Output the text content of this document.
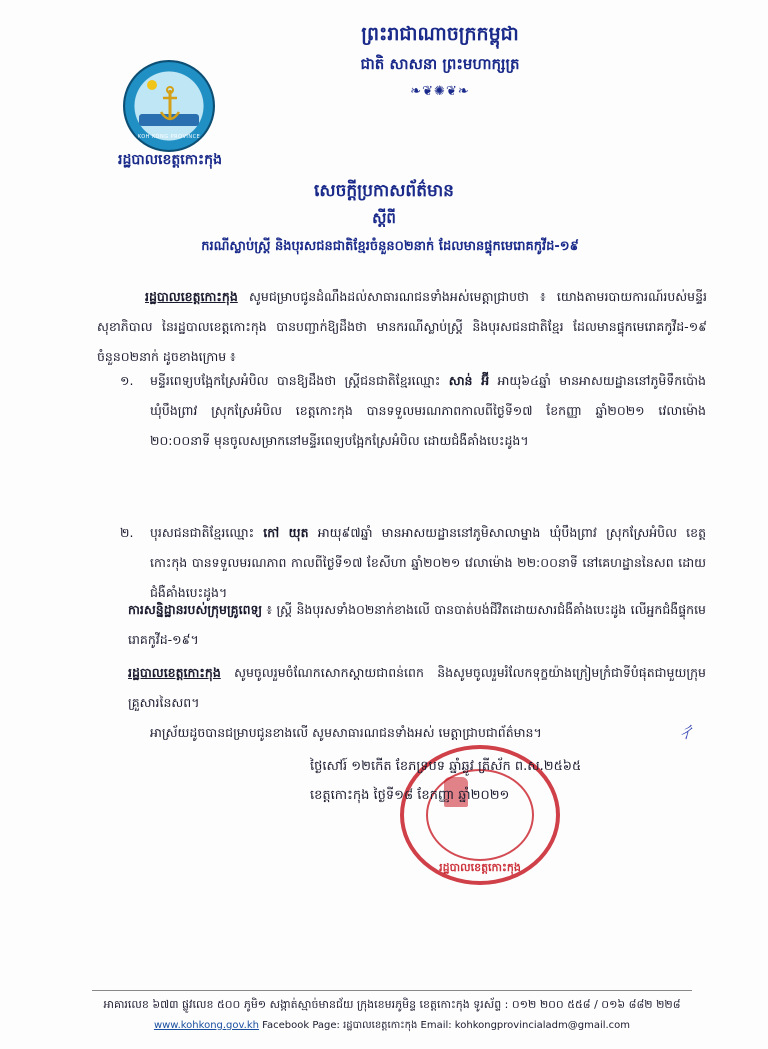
KOH KONG PROVINCE
រដ្ឋបាលខេត្តកោះកុង
ព្រះរាជាណាចក្រកម្ពុជា
ជាតិ សាសនា ព្រះមហាក្សត្រ
❧❦✺❦❧
សេចក្តីប្រកាសព័ត៌មាន
ស្តីពី
ករណីស្លាប់ស្ត្រី និងបុរសជនជាតិខ្មែរចំនួន០២នាក់ ដែលមានផ្ទុកមេរោគកូវីដ-១៩
រដ្ឋបាលខេត្តកោះកុង សូមជម្រាបជូនដំណឹងដល់សាធារណជនទាំងអស់មេត្តាជ្រាបថា ៖ យោងតាមរបាយការណ៍របស់មន្ទីរសុខាភិបាល នៃរដ្ឋបាលខេត្តកោះកុង បានបញ្ជាក់ឱ្យដឹងថា មានករណីស្លាប់ស្ត្រី និងបុរសជនជាតិខ្មែរ ដែលមានផ្ទុកមេរោគកូវីដ-១៩ ចំនួន០២នាក់ ដូចខាងក្រោម ៖
១. មន្ទីរពេទ្យបង្អែកស្រែអំបិល បានឱ្យដឹងថា ស្ត្រីជនជាតិខ្មែរឈ្មោះ សាន់ អ៊ី អាយុ៦៤ឆ្នាំ មានអាសយដ្ឋាននៅភូមិទឹកប៉ោង ឃុំបឹងព្រាវ ស្រុកស្រែអំបិល ខេត្តកោះកុង បានទទួលមរណភាពកាលពីថ្ងៃទី១៧ ខែកញ្ញា ឆ្នាំ២០២១ វេលាម៉ោង ២០:០០នាទី មុនចូលសម្រាកនៅមន្ទីរពេទ្យបង្អែកស្រែអំបិល ដោយជំងឺគាំងបេះដូង។
២. បុរសជនជាតិខ្មែរឈ្មោះ កៅ យុត អាយុ៩៧ឆ្នាំ មានអាសយដ្ឋាននៅភូមិសាលាម្នាង ឃុំបឹងព្រាវ ស្រុកស្រែអំបិល ខេត្តកោះកុង បានទទួលមរណភាព កាលពីថ្ងៃទី១៧ ខែសីហា ឆ្នាំ២០២១ វេលាម៉ោង ២២:០០នាទី នៅគេហដ្ឋាននៃសព ដោយជំងឺគាំងបេះដូង។
ការសន្និដ្ឋានរបស់ក្រុមគ្រូពេទ្យ ៖ ស្ត្រី និងបុរសទាំង០២នាក់ខាងលើ បានបាត់បង់ជីវិតដោយសារជំងឺគាំងបេះដូង លើអ្នកជំងឺផ្ទុកមេរោគកូវីដ-១៩។
រដ្ឋបាលខេត្តកោះកុង សូមចូលរួមចំណែកសោកស្តាយជាពន់ពេក និងសូមចូលរួមរំលែកទុក្ខយ៉ាងក្រៀមក្រំជាទីបំផុតជាមួយក្រុមគ្រួសារនៃសព។
អាស្រ័យដូចបានជម្រាបជូនខាងលើ សូមសាធារណជនទាំងអស់ មេត្តាជ្រាបជាព័ត៌មាន។	ㄔ
រដ្ឋបាលខេត្តកោះកុង
ថ្ងៃសៅរ៍ ១២កើត ខែភទ្របទ ឆ្នាំឆ្លូវ ត្រីស័ក ព.ស.២៥៦៥
ខេត្តកោះកុង ថ្ងៃទី១៨ ខែកញ្ញា ឆ្នាំ២០២១
អាគារលេខ ៦៧៣ ផ្លូវលេខ ៥០០ ភូមិ១ សង្កាត់ស្មាច់មានជ័យ ក្រុងខេមរភូមិន្ទ ខេត្តកោះកុង ទូរស័ព្ទ : ០១២ ២០០ ៥៥៨ / ០១៦ ៨៨២ ២២៨
www.kohkong.gov.kh Facebook Page: រដ្ឋបាលខេត្តកោះកុង Email: kohkongprovincialadm@gmail.com
